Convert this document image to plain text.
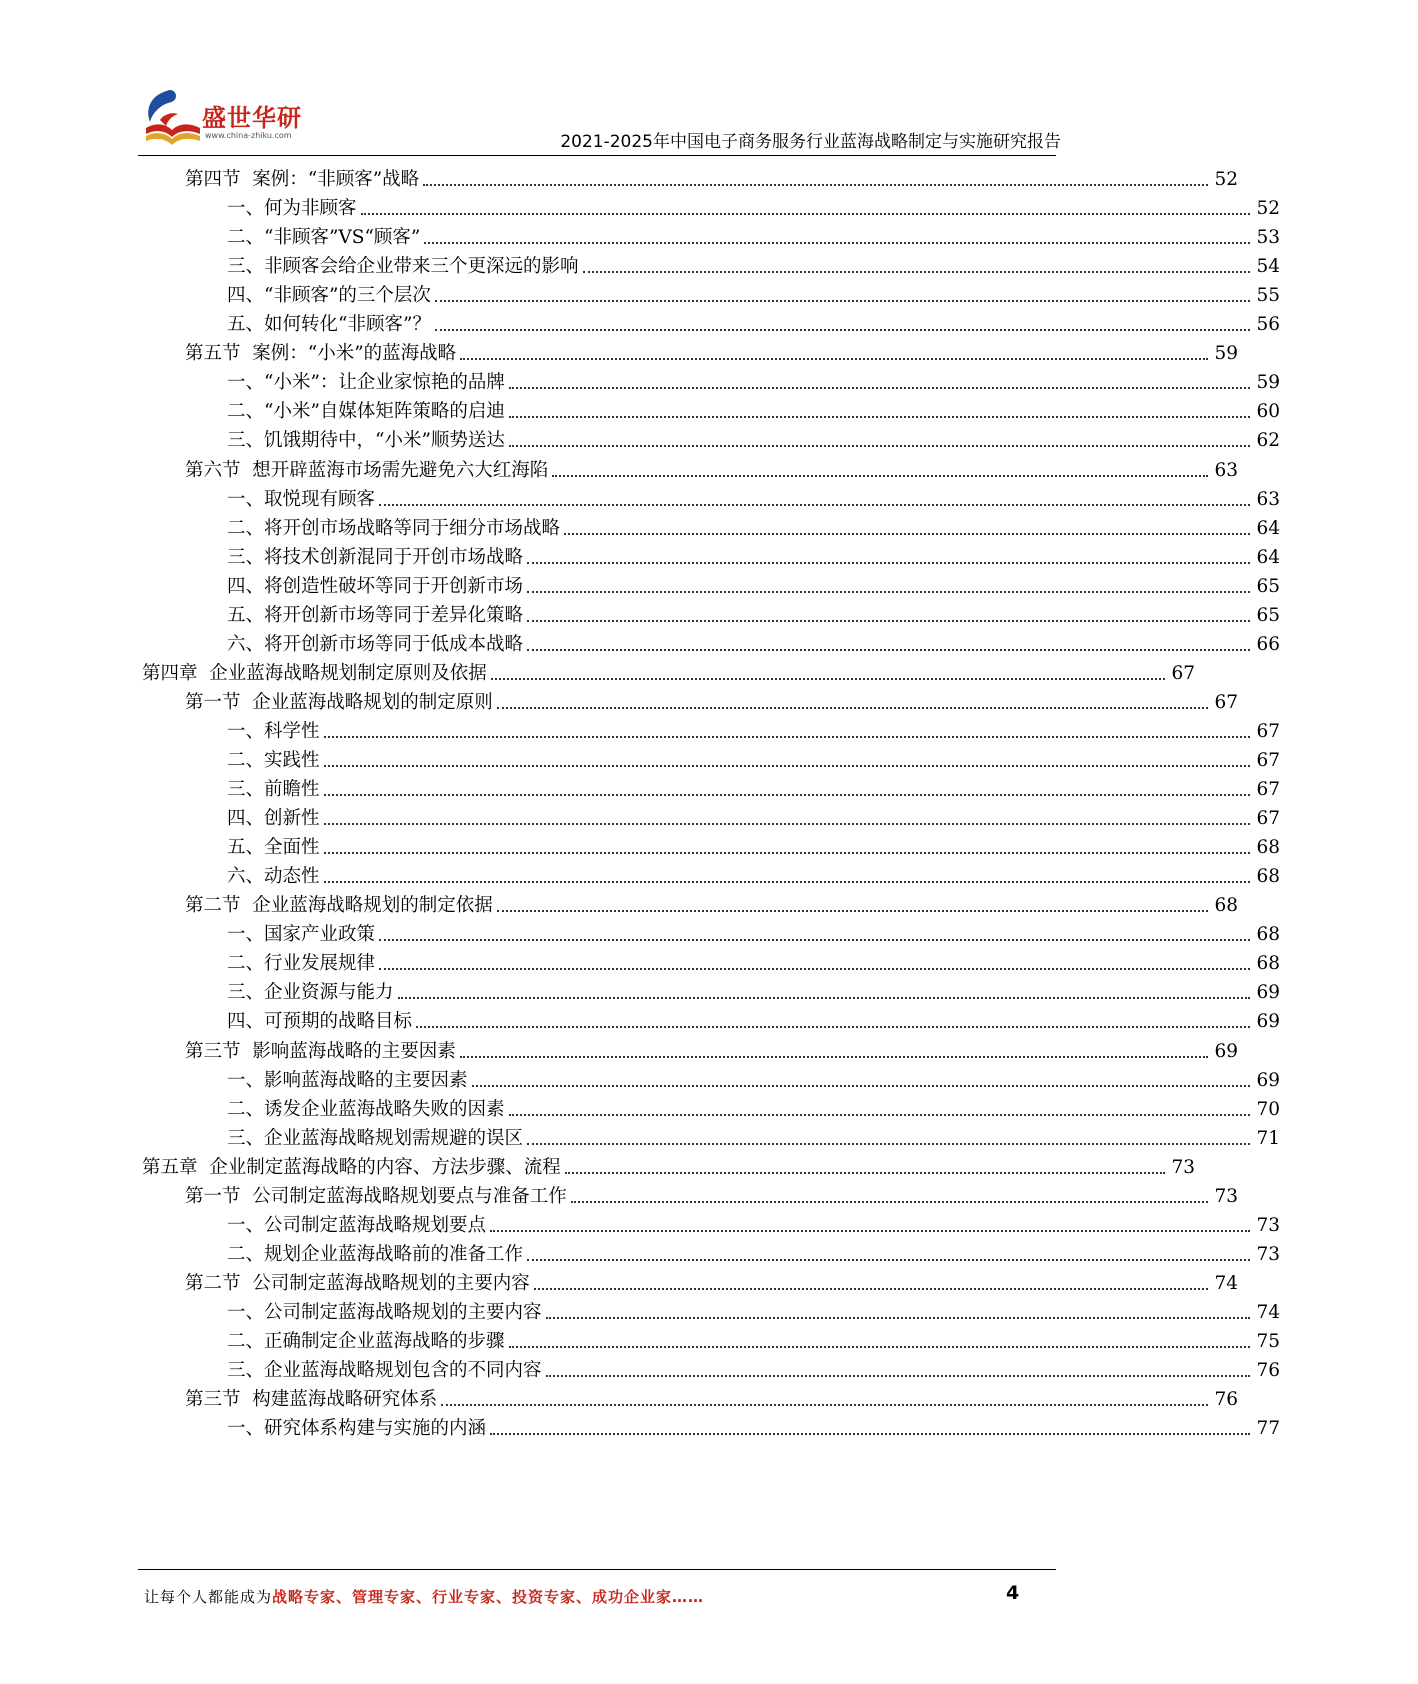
盛世华研
www.china-zhiku.com	2021-2025年中国电子商务服务行业蓝海战略制定与实施研究报告
第四节 案例：“非顾客”战略	52
一、 何为非顾客	52
二、 “非顾客”VS“顾客”	53
三、 非顾客会给企业带来三个更深远的影响	54
四、 “非顾客”的三个层次	55
五、 如何转化“非顾客”？	56
第五节 案例：“小米”的蓝海战略	59
一、 “小米”：让企业家惊艳的品牌	59
二、 “小米”自媒体矩阵策略的启迪	60
三、 饥饿期待中，“小米”顺势送达	62
第六节 想开辟蓝海市场需先避免六大红海陷	63
一、 取悦现有顾客	63
二、 将开创市场战略等同于细分市场战略	64
三、 将技术创新混同于开创市场战略	64
四、 将创造性破坏等同于开创新市场	65
五、 将开创新市场等同于差异化策略	65
六、 将开创新市场等同于低成本战略	66
第四章 企业蓝海战略规划制定原则及依据	67
第一节 企业蓝海战略规划的制定原则	67
一、 科学性	67
二、 实践性	67
三、 前瞻性	67
四、 创新性	67
五、 全面性	68
六、 动态性	68
第二节 企业蓝海战略规划的制定依据	68
一、 国家产业政策	68
二、 行业发展规律	68
三、 企业资源与能力	69
四、 可预期的战略目标	69
第三节 影响蓝海战略的主要因素	69
一、 影响蓝海战略的主要因素	69
二、 诱发企业蓝海战略失败的因素	70
三、 企业蓝海战略规划需规避的误区	71
第五章 企业制定蓝海战略的内容、方法步骤、流程	73
第一节 公司制定蓝海战略规划要点与准备工作	73
一、 公司制定蓝海战略规划要点	73
二、 规划企业蓝海战略前的准备工作	73
第二节 公司制定蓝海战略规划的主要内容	74
一、 公司制定蓝海战略规划的主要内容	74
二、 正确制定企业蓝海战略的步骤	75
三、 企业蓝海战略规划包含的不同内容	76
第三节 构建蓝海战略研究体系	76
一、 研究体系构建与实施的内涵	77
让每个人都能成为战略专家、管理专家、行业专家、投资专家、成功企业家……	4
